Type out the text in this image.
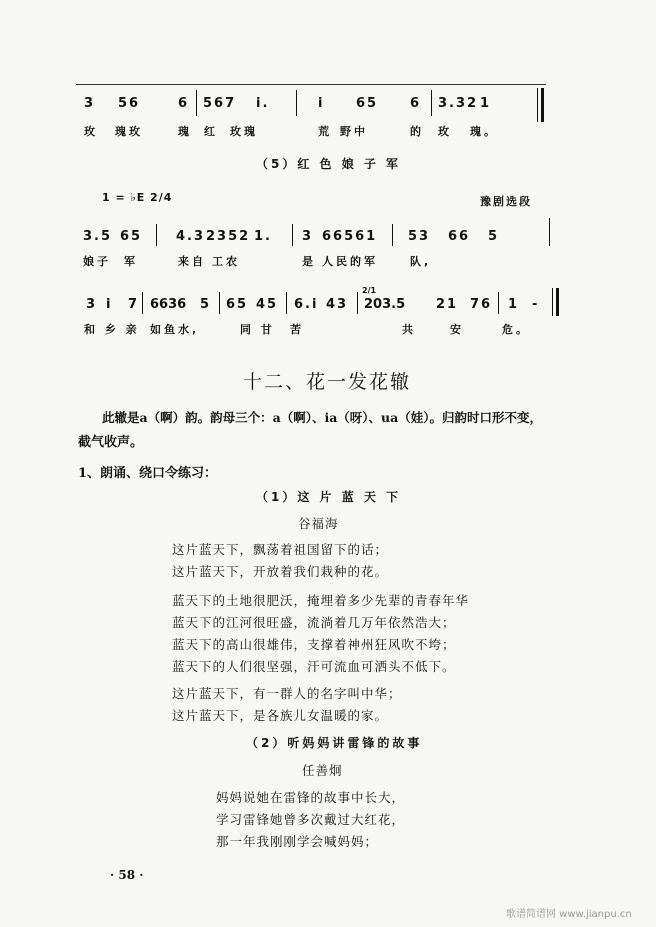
3 56	6 567 i.	i 65 6 3.32 1
玫 瑰玫	瑰 红 玫瑰	荒 野中	的 玫 瑰。
（5）红 色 娘 子 军
1 = ♭E 2/4	豫剧选段
3.5 65	4.3 2352 1. 3 66561 53 66 5
娘子 军	来自 工农	是 人民的军	队,
3 i 7 6636 5 65 45 6.i 43
2/1
203.5 21 76 1 -
和 乡 亲 如鱼水,	同 甘 苦	共	安	危。
十二、花一发花辙
此辙是a（啊）韵。韵母三个：a（啊）、ia（呀）、ua（娃）。归韵时口形不变，
截气收声。
1、朗诵、绕口令练习：
（1）这 片 蓝 天 下
谷福海
这片蓝天下，飘荡着祖国留下的话；
这片蓝天下，开放着我们栽种的花。
蓝天下的土地很肥沃，掩埋着多少先辈的青春年华
蓝天下的江河很旺盛，流淌着几万年依然浩大；
蓝天下的高山很雄伟，支撑着神州狂风吹不垮；
蓝天下的人们很坚强，汗可流血可洒头不低下。
这片蓝天下，有一群人的名字叫中华；
这片蓝天下，是各族儿女温暖的家。
（2）听妈妈讲雷锋的故事
任善炯
妈妈说她在雷锋的故事中长大，
学习雷锋她曾多次戴过大红花，
那一年我刚刚学会喊妈妈；
· 58 ·
歌谱简谱网 www.jianpu.cn
